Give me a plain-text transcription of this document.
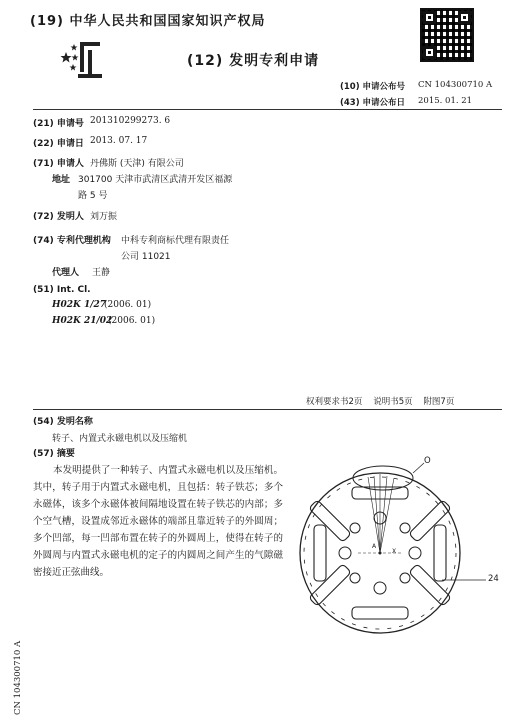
(19) 中华人民共和国国家知识产权局
(12) 发明专利申请
(10) 申请公布号 CN 104300710 A
(43) 申请公布日 2015. 01. 21
(21) 申请号 201310299273. 6
(22) 申请日 2013. 07. 17
(71) 申请人 丹佛斯 (天津) 有限公司
地址 301700 天津市武清区武清开发区福源
路 5 号
(72) 发明人 刘万振
(74) 专利代理机构 中科专利商标代理有限责任
公司 11021
代理人 王静
(51) Int. Cl.
H02K 1/27
(2006. 01)
H02K 21/02
(2006. 01)
权利要求书2页    说明书5页    附图7页
(54) 发明名称
转子、内置式永磁电机以及压缩机
(57) 摘要
本发明提供了一种转子、内置式永磁电机以及压缩机。其中，转子用于内置式永磁电机，且包括：转子铁芯；多个永磁体，该多个永磁体被间隔地设置在转子铁芯的内部；多个空气槽，设置成邻近永磁体的端部且靠近转子的外圆周；多个凹部，每一凹部布置在转子的外圆周上，使得在转子的外圆周与内置式永磁电机的定子的内圆周之间产生的气隙磁密接近正弦曲线。
O
24
A
X
CN 104300710 A
